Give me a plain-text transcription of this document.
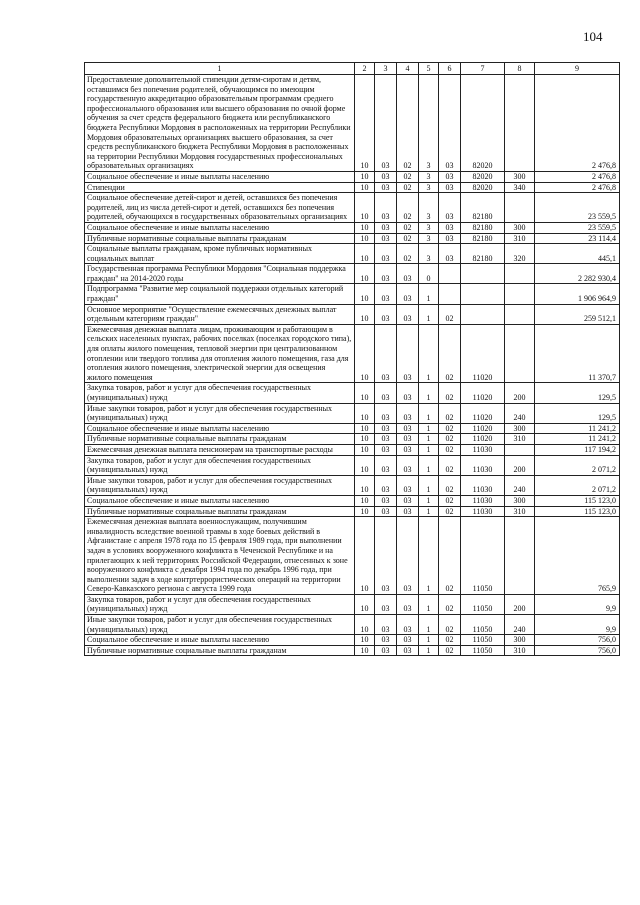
104
1	2	3	4	5	6	7	8	9
Предоставление дополнительной стипендии детям-сиротам и детям, оставшимся без попечения родителей, обучающимся по имеющим государственную аккредитацию образовательным программам среднего профессионального образования или высшего образования по очной форме обучения за счет средств федерального бюджета или республиканского бюджета Республики Мордовия в расположенных на территории Республики Мордовия образовательных организациях высшего образования, за счет средств республиканского бюджета Республики Мордовия в расположенных на территории Республики Мордовия государственных профессиональных образовательных организациях	10	03	02	3	03	82020		2 476,8
Социальное обеспечение и иные выплаты населению	10	03	02	3	03	82020	300	2 476,8
Стипендии	10	03	02	3	03	82020	340	2 476,8
Социальное обеспечение детей-сирот и детей, оставшихся без попечения родителей, лиц из числа детей-сирот и детей, оставшихся без попечения родителей, обучающихся в государственных образовательных организациях	10	03	02	3	03	82180		23 559,5
Социальное обеспечение и иные выплаты населению	10	03	02	3	03	82180	300	23 559,5
Публичные нормативные социальные выплаты гражданам	10	03	02	3	03	82180	310	23 114,4
Социальные выплаты гражданам, кроме публичных нормативных социальных выплат	10	03	02	3	03	82180	320	445,1
Государственная программа Республики Мордовия "Социальная поддержка граждан" на 2014-2020 годы	10	03	03	0				2 282 930,4
Подпрограмма "Развитие мер социальной поддержки отдельных категорий граждан"	10	03	03	1				1 906 964,9
Основное мероприятие "Осуществление ежемесячных денежных выплат отдельным категориям граждан"	10	03	03	1	02			259 512,1
Ежемесячная денежная выплата лицам, проживающим и работающим в сельских населенных пунктах, рабочих поселках (поселках городского типа), для оплаты жилого помещения, тепловой энергии при централизованном отоплении или твердого топлива для отопления жилого помещения, газа для отопления жилого помещения, электрической энергии для освещения жилого помещения	10	03	03	1	02	11020		11 370,7
Закупка товаров, работ и услуг для обеспечения государственных (муниципальных) нужд	10	03	03	1	02	11020	200	129,5
Иные закупки товаров, работ и услуг для обеспечения государственных (муниципальных) нужд	10	03	03	1	02	11020	240	129,5
Социальное обеспечение и иные выплаты населению	10	03	03	1	02	11020	300	11 241,2
Публичные нормативные социальные выплаты гражданам	10	03	03	1	02	11020	310	11 241,2
Ежемесячная денежная выплата пенсионерам на транспортные расходы	10	03	03	1	02	11030		117 194,2
Закупка товаров, работ и услуг для обеспечения государственных (муниципальных) нужд	10	03	03	1	02	11030	200	2 071,2
Иные закупки товаров, работ и услуг для обеспечения государственных (муниципальных) нужд	10	03	03	1	02	11030	240	2 071,2
Социальное обеспечение и иные выплаты населению	10	03	03	1	02	11030	300	115 123,0
Публичные нормативные социальные выплаты гражданам	10	03	03	1	02	11030	310	115 123,0
Ежемесячная денежная выплата военнослужащим, получившим инвалидность вследствие военной травмы в ходе боевых действий в Афганистане с апреля 1978 года по 15 февраля 1989 года, при выполнении задач в условиях вооруженного конфликта в Чеченской Республике и на прилегающих к ней территориях Российской Федерации, отнесенных к зоне вооруженного конфликта с декабря 1994 года по декабрь 1996 года, при выполнении задач в ходе контртеррористических операций на территории Северо-Кавказского региона с августа 1999 года	10	03	03	1	02	11050		765,9
Закупка товаров, работ и услуг для обеспечения государственных (муниципальных) нужд	10	03	03	1	02	11050	200	9,9
Иные закупки товаров, работ и услуг для обеспечения государственных (муниципальных) нужд	10	03	03	1	02	11050	240	9,9
Социальное обеспечение и иные выплаты населению	10	03	03	1	02	11050	300	756,0
Публичные нормативные социальные выплаты гражданам	10	03	03	1	02	11050	310	756,0
